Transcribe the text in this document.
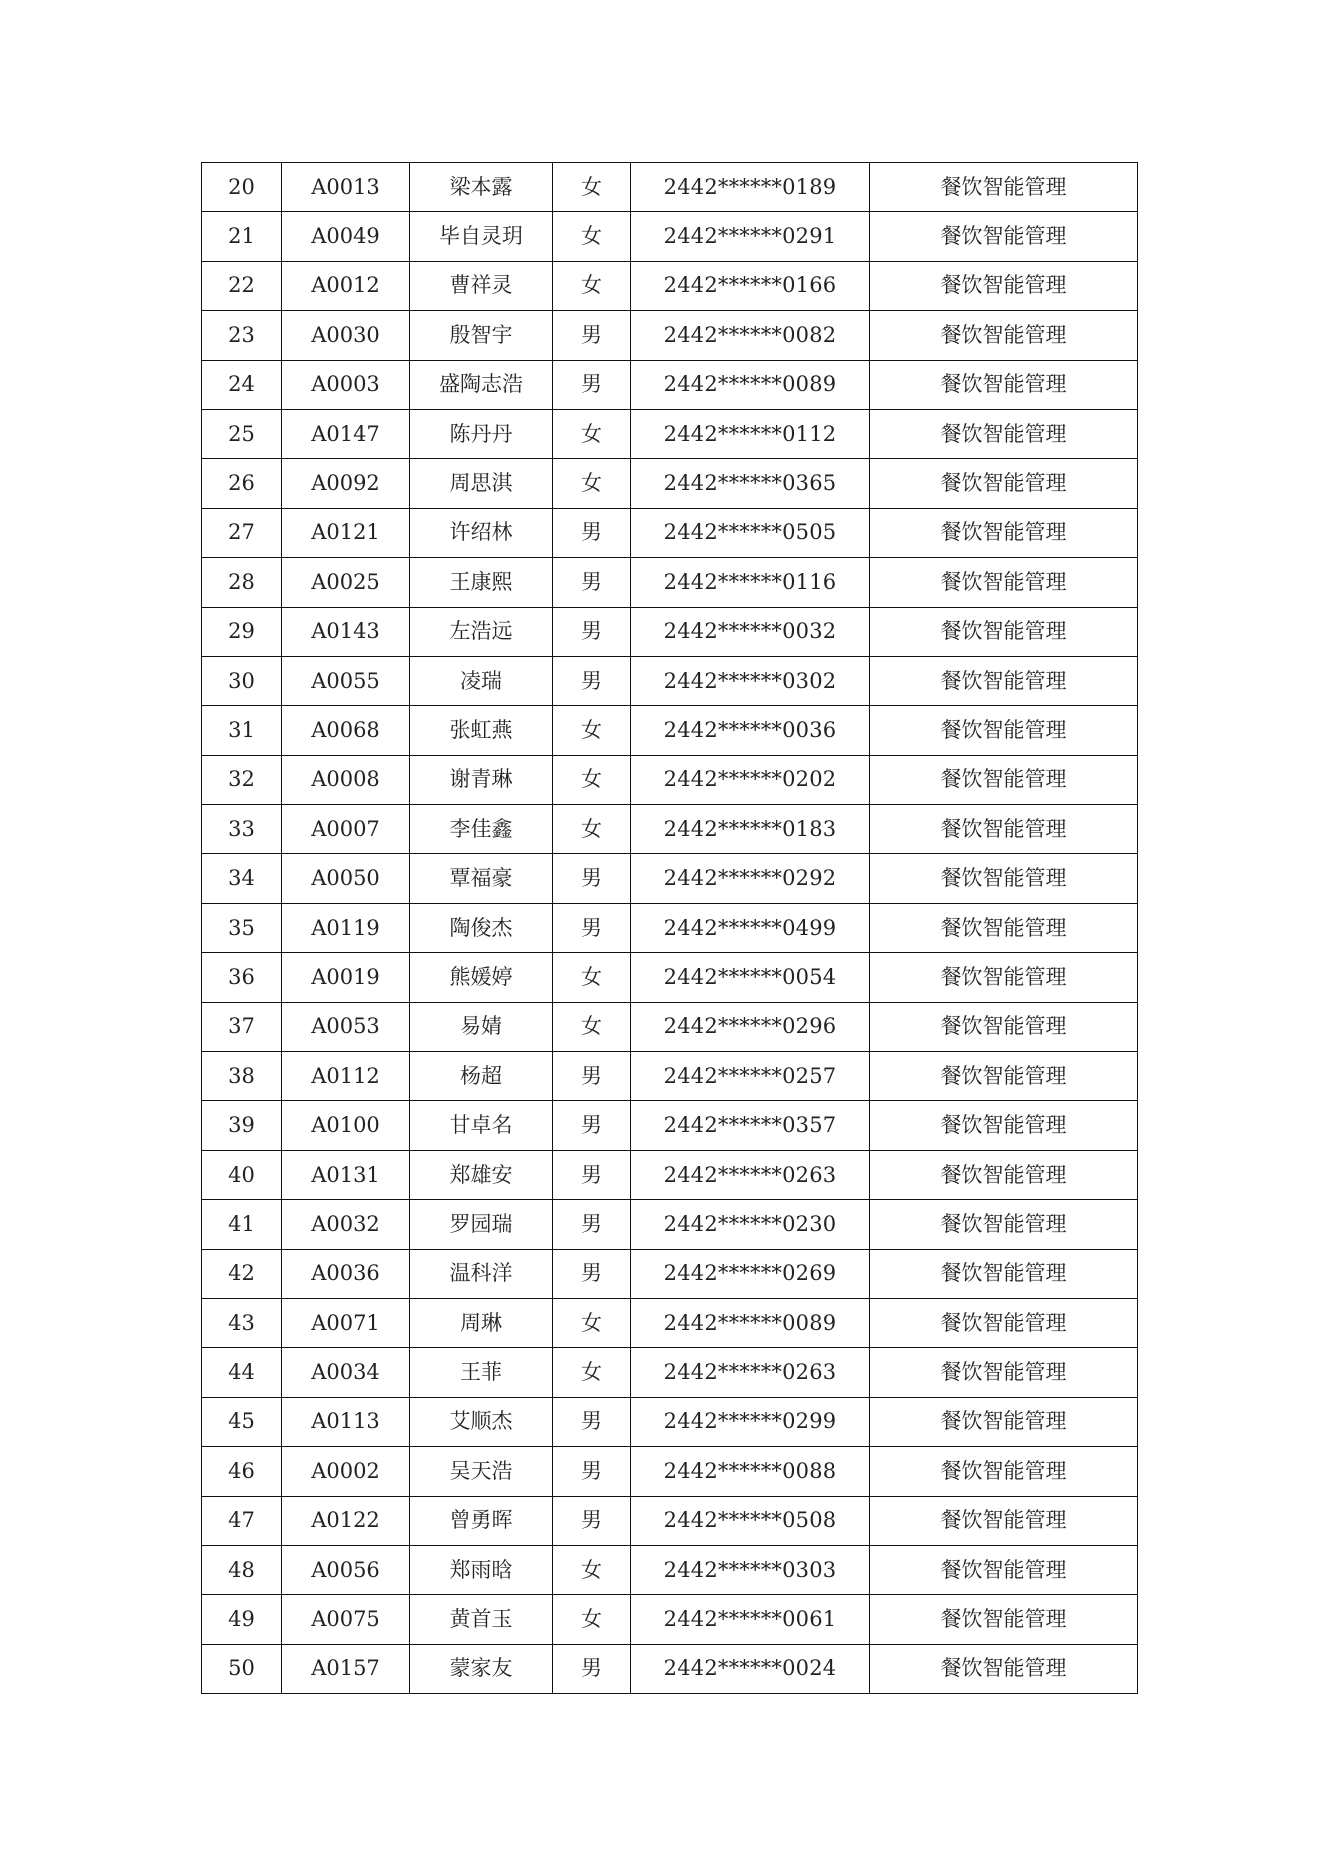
20	A0013	梁本露	女	2442******0189	餐饮智能管理
21	A0049	毕自灵玥	女	2442******0291	餐饮智能管理
22	A0012	曹祥灵	女	2442******0166	餐饮智能管理
23	A0030	殷智宇	男	2442******0082	餐饮智能管理
24	A0003	盛陶志浩	男	2442******0089	餐饮智能管理
25	A0147	陈丹丹	女	2442******0112	餐饮智能管理
26	A0092	周思淇	女	2442******0365	餐饮智能管理
27	A0121	许绍林	男	2442******0505	餐饮智能管理
28	A0025	王康熙	男	2442******0116	餐饮智能管理
29	A0143	左浩远	男	2442******0032	餐饮智能管理
30	A0055	凌瑞	男	2442******0302	餐饮智能管理
31	A0068	张虹燕	女	2442******0036	餐饮智能管理
32	A0008	谢青琳	女	2442******0202	餐饮智能管理
33	A0007	李佳鑫	女	2442******0183	餐饮智能管理
34	A0050	覃福豪	男	2442******0292	餐饮智能管理
35	A0119	陶俊杰	男	2442******0499	餐饮智能管理
36	A0019	熊媛婷	女	2442******0054	餐饮智能管理
37	A0053	易婧	女	2442******0296	餐饮智能管理
38	A0112	杨超	男	2442******0257	餐饮智能管理
39	A0100	甘卓名	男	2442******0357	餐饮智能管理
40	A0131	郑雄安	男	2442******0263	餐饮智能管理
41	A0032	罗园瑞	男	2442******0230	餐饮智能管理
42	A0036	温科洋	男	2442******0269	餐饮智能管理
43	A0071	周琳	女	2442******0089	餐饮智能管理
44	A0034	王菲	女	2442******0263	餐饮智能管理
45	A0113	艾顺杰	男	2442******0299	餐饮智能管理
46	A0002	吴天浩	男	2442******0088	餐饮智能管理
47	A0122	曾勇晖	男	2442******0508	餐饮智能管理
48	A0056	郑雨晗	女	2442******0303	餐饮智能管理
49	A0075	黄首玉	女	2442******0061	餐饮智能管理
50	A0157	蒙家友	男	2442******0024	餐饮智能管理
